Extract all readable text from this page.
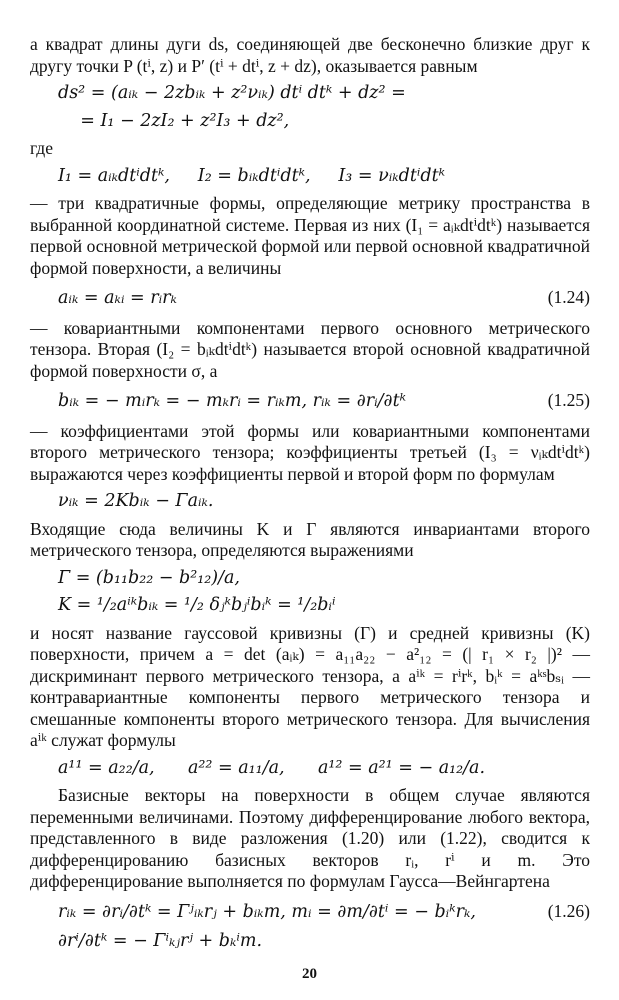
а квадрат длины дуги ds, соединяющей две бесконечно близкие друг к другу точки P (tⁱ, z) и P′ (tⁱ + dtⁱ, z + dz), оказывается равным

ds² = (aᵢₖ − 2zbᵢₖ + z²νᵢₖ) dtⁱ dtᵏ + dz² =
= I₁ − 2zI₂ + z²I₃ + dz²,

где

I₁ = aᵢₖdtⁱdtᵏ,     I₂ = bᵢₖdtⁱdtᵏ,     I₃ = νᵢₖdtⁱdtᵏ

— три квадратичные формы, определяющие метрику пространства в выбранной координатной системе. Первая из них (I₁ = aᵢₖdtⁱdtᵏ) называется первой основной метрической формой или первой основной квадратичной формой поверхности, а величины

aᵢₖ = aₖᵢ = rᵢrₖ	(1.24)

— ковариантными компонентами первого основного метрического тензора. Вторая (I₂ = bᵢₖdtⁱdtᵏ) называется второй основной квадратичной формой поверхности σ, а

bᵢₖ = − mᵢrₖ = − mₖrᵢ = rᵢₖm, rᵢₖ = ∂rᵢ/∂tᵏ	(1.25)

— коэффициентами этой формы или ковариантными компонентами второго метрического тензора; коэффициенты третьей (I₃ = νᵢₖdtⁱdtᵏ) выражаются через коэффициенты первой и второй форм по формулам

νᵢₖ = 2Kbᵢₖ − Γaᵢₖ.

Входящие сюда величины K и Γ являются инвариантами второго метрического тензора, определяются выражениями

Γ = (b₁₁b₂₂ − b²₁₂)/a,
K = ¹/₂aⁱᵏbᵢₖ = ¹/₂ δⱼᵏbⱼⁱbᵢᵏ = ¹/₂bᵢⁱ

и носят название гауссовой кривизны (Γ) и средней кривизны (K) поверхности, причем a = det (aᵢₖ) = a₁₁a₂₂ − a²₁₂ = (| r₁ × r₂ |)² — дискриминант первого метрического тензора, а aⁱᵏ = rⁱrᵏ, bᵢᵏ = aᵏˢbₛᵢ — контравариантные компоненты первого метрического тензора и смешанные компоненты второго метрического тензора. Для вычисления aⁱᵏ служат формулы

a¹¹ = a₂₂/a,      a²² = a₁₁/a,      a¹² = a²¹ = − a₁₂/a.

Базисные векторы на поверхности в общем случае являются переменными величинами. Поэтому дифференцирование любого вектора, представленного в виде разложения (1.20) или (1.22), сводится к дифференцированию базисных векторов rᵢ, rⁱ и m. Это дифференцирование выполняется по формулам Гаусса—Вейнгартена

rᵢₖ = ∂rᵢ/∂tᵏ = Γʲᵢₖrⱼ + bᵢₖm, mᵢ = ∂m/∂tⁱ = − bᵢᵏrₖ,	(1.26)
∂rⁱ/∂tᵏ = − Γⁱₖⱼrʲ + bₖⁱm.
20
